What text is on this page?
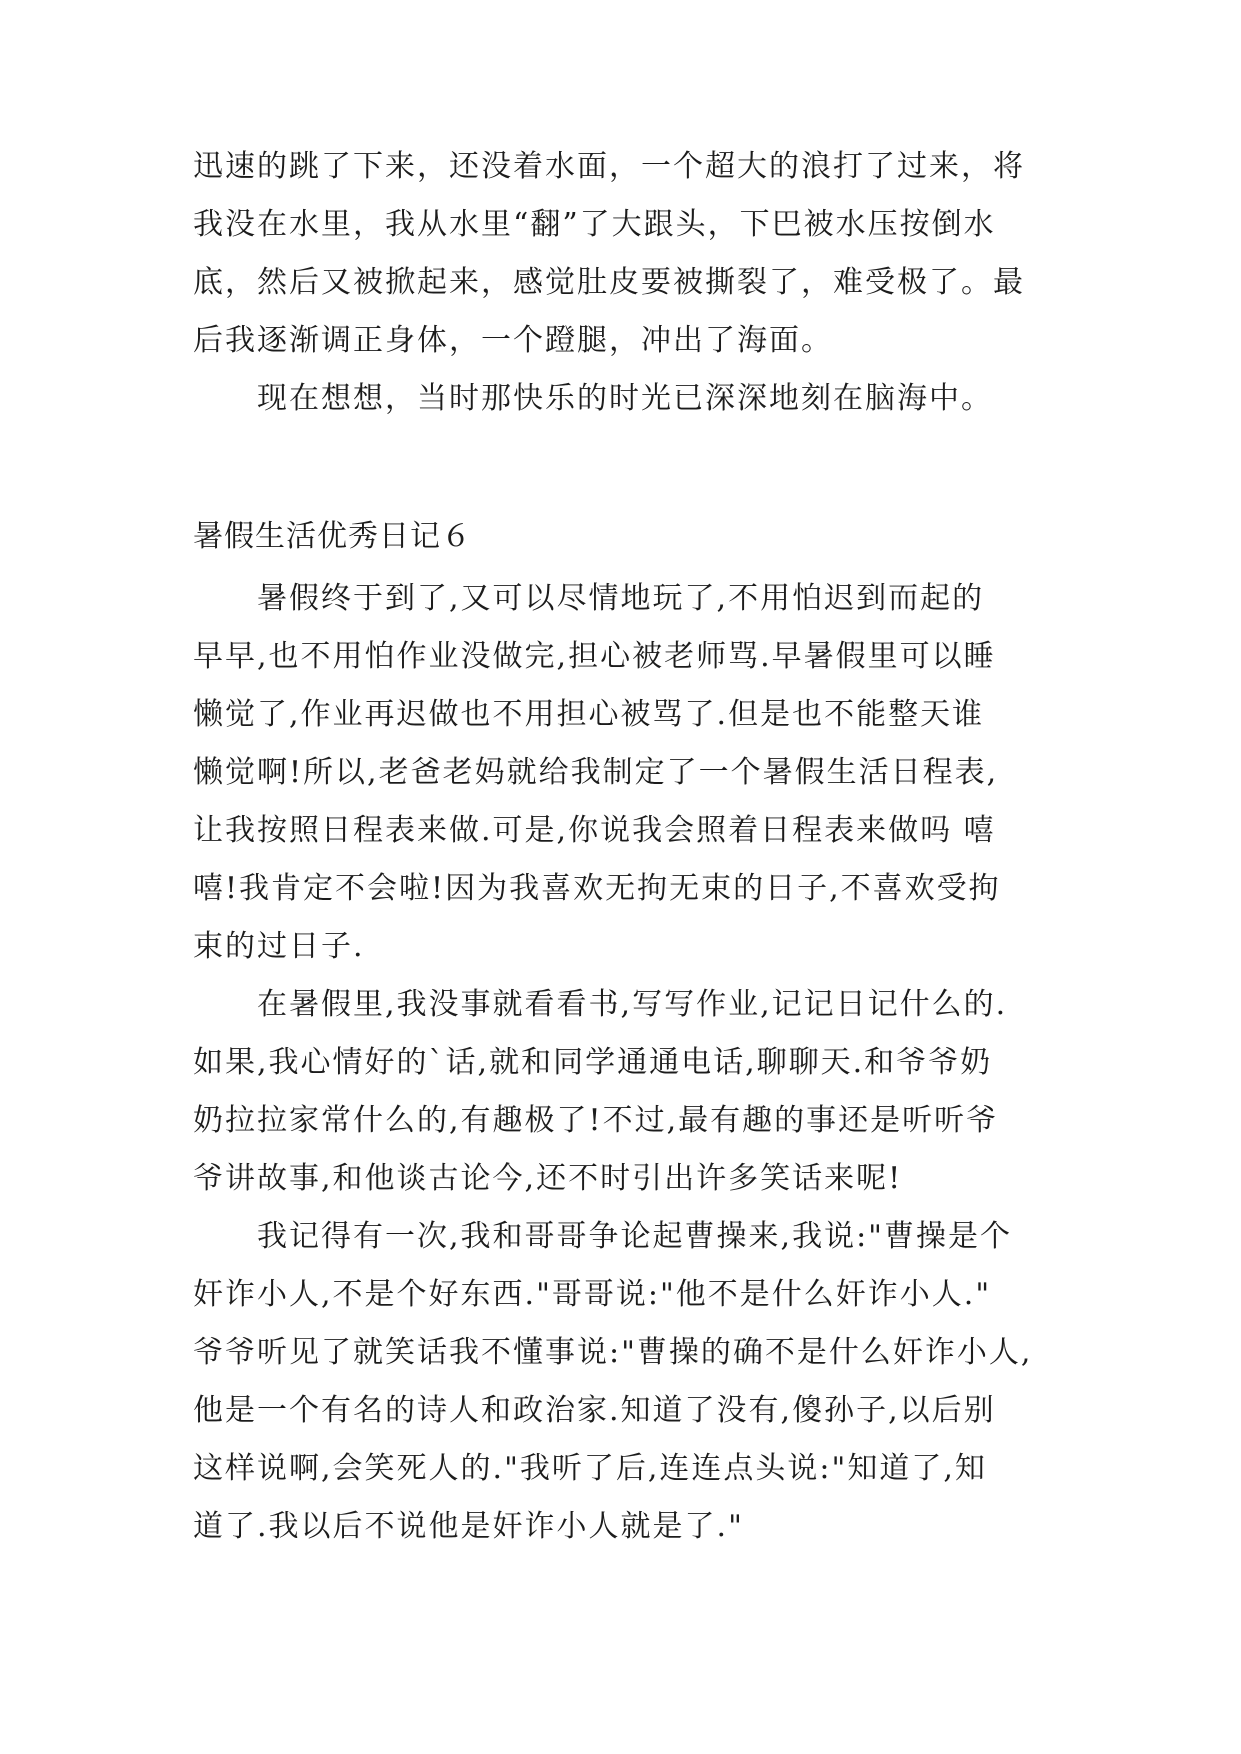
迅速的跳了下来，还没着水面，一个超大的浪打了过来，将
我没在水里，我从水里“翻”了大跟头，下巴被水压按倒水
底，然后又被掀起来，感觉肚皮要被撕裂了，难受极了。最
后我逐渐调正身体，一个蹬腿，冲出了海面。
现在想想，当时那快乐的时光已深深地刻在脑海中。
暑假生活优秀日记６
暑假终于到了,又可以尽情地玩了,不用怕迟到而起的
早早,也不用怕作业没做完,担心被老师骂.早暑假里可以睡
懒觉了,作业再迟做也不用担心被骂了.但是也不能整天谁
懒觉啊!所以,老爸老妈就给我制定了一个暑假生活日程表,
让我按照日程表来做.可是,你说我会照着日程表来做吗 嘻
嘻!我肯定不会啦!因为我喜欢无拘无束的日子,不喜欢受拘
束的过日子.
在暑假里,我没事就看看书,写写作业,记记日记什么的.
如果,我心情好的`话,就和同学通通电话,聊聊天.和爷爷奶
奶拉拉家常什么的,有趣极了!不过,最有趣的事还是听听爷
爷讲故事,和他谈古论今,还不时引出许多笑话来呢!
我记得有一次,我和哥哥争论起曹操来,我说:"曹操是个
奸诈小人,不是个好东西."哥哥说:"他不是什么奸诈小人."
爷爷听见了就笑话我不懂事说:"曹操的确不是什么奸诈小人,
他是一个有名的诗人和政治家.知道了没有,傻孙子,以后别
这样说啊,会笑死人的."我听了后,连连点头说:"知道了,知
道了.我以后不说他是奸诈小人就是了."
